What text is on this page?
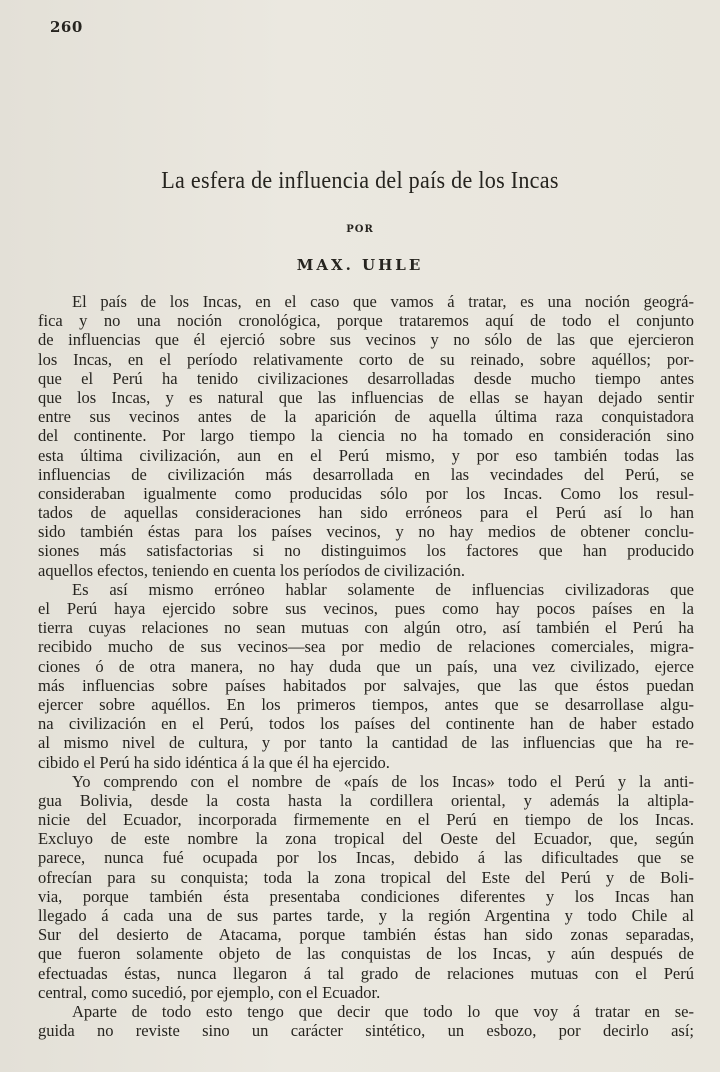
260
La esfera de influencia del país de los Incas
POR
MAX. UHLE
El país de los Incas, en el caso que vamos á tratar, es una noción geográ-
fica y no una noción cronológica, porque trataremos aquí de todo el conjunto
de influencias que él ejerció sobre sus vecinos y no sólo de las que ejercieron
los Incas, en el período relativamente corto de su reinado, sobre aquéllos; por-
que el Perú ha tenido civilizaciones desarrolladas desde mucho tiempo antes
que los Incas, y es natural que las influencias de ellas se hayan dejado sentir
entre sus vecinos antes de la aparición de aquella última raza conquistadora
del continente. Por largo tiempo la ciencia no ha tomado en consideración sino
esta última civilización, aun en el Perú mismo, y por eso también todas las
influencias de civilización más desarrollada en las vecindades del Perú, se
consideraban igualmente como producidas sólo por los Incas. Como los resul-
tados de aquellas consideraciones han sido erróneos para el Perú así lo han
sido también éstas para los países vecinos, y no hay medios de obtener conclu-
siones más satisfactorias si no distinguimos los factores que han producido
aquellos efectos, teniendo en cuenta los períodos de civilización.
Es así mismo erróneo hablar solamente de influencias civilizadoras que
el Perú haya ejercido sobre sus vecinos, pues como hay pocos países en la
tierra cuyas relaciones no sean mutuas con algún otro, así también el Perú ha
recibido mucho de sus vecinos—sea por medio de relaciones comerciales, migra-
ciones ó de otra manera, no hay duda que un país, una vez civilizado, ejerce
más influencias sobre países habitados por salvajes, que las que éstos puedan
ejercer sobre aquéllos. En los primeros tiempos, antes que se desarrollase algu-
na civilización en el Perú, todos los países del continente han de haber estado
al mismo nivel de cultura, y por tanto la cantidad de las influencias que ha re-
cibido el Perú ha sido idéntica á la que él ha ejercido.
Yo comprendo con el nombre de «país de los Incas» todo el Perú y la anti-
gua Bolivia, desde la costa hasta la cordillera oriental, y además la altipla-
nicie del Ecuador, incorporada firmemente en el Perú en tiempo de los Incas.
Excluyo de este nombre la zona tropical del Oeste del Ecuador, que, según
parece, nunca fué ocupada por los Incas, debido á las dificultades que se
ofrecían para su conquista; toda la zona tropical del Este del Perú y de Boli-
via, porque también ésta presentaba condiciones diferentes y los Incas han
llegado á cada una de sus partes tarde, y la región Argentina y todo Chile al
Sur del desierto de Atacama, porque también éstas han sido zonas separadas,
que fueron solamente objeto de las conquistas de los Incas, y aún después de
efectuadas éstas, nunca llegaron á tal grado de relaciones mutuas con el Perú
central, como sucedió, por ejemplo, con el Ecuador.
Aparte de todo esto tengo que decir que todo lo que voy á tratar en se-
guida no reviste sino un carácter sintético, un esbozo, por decirlo así;
